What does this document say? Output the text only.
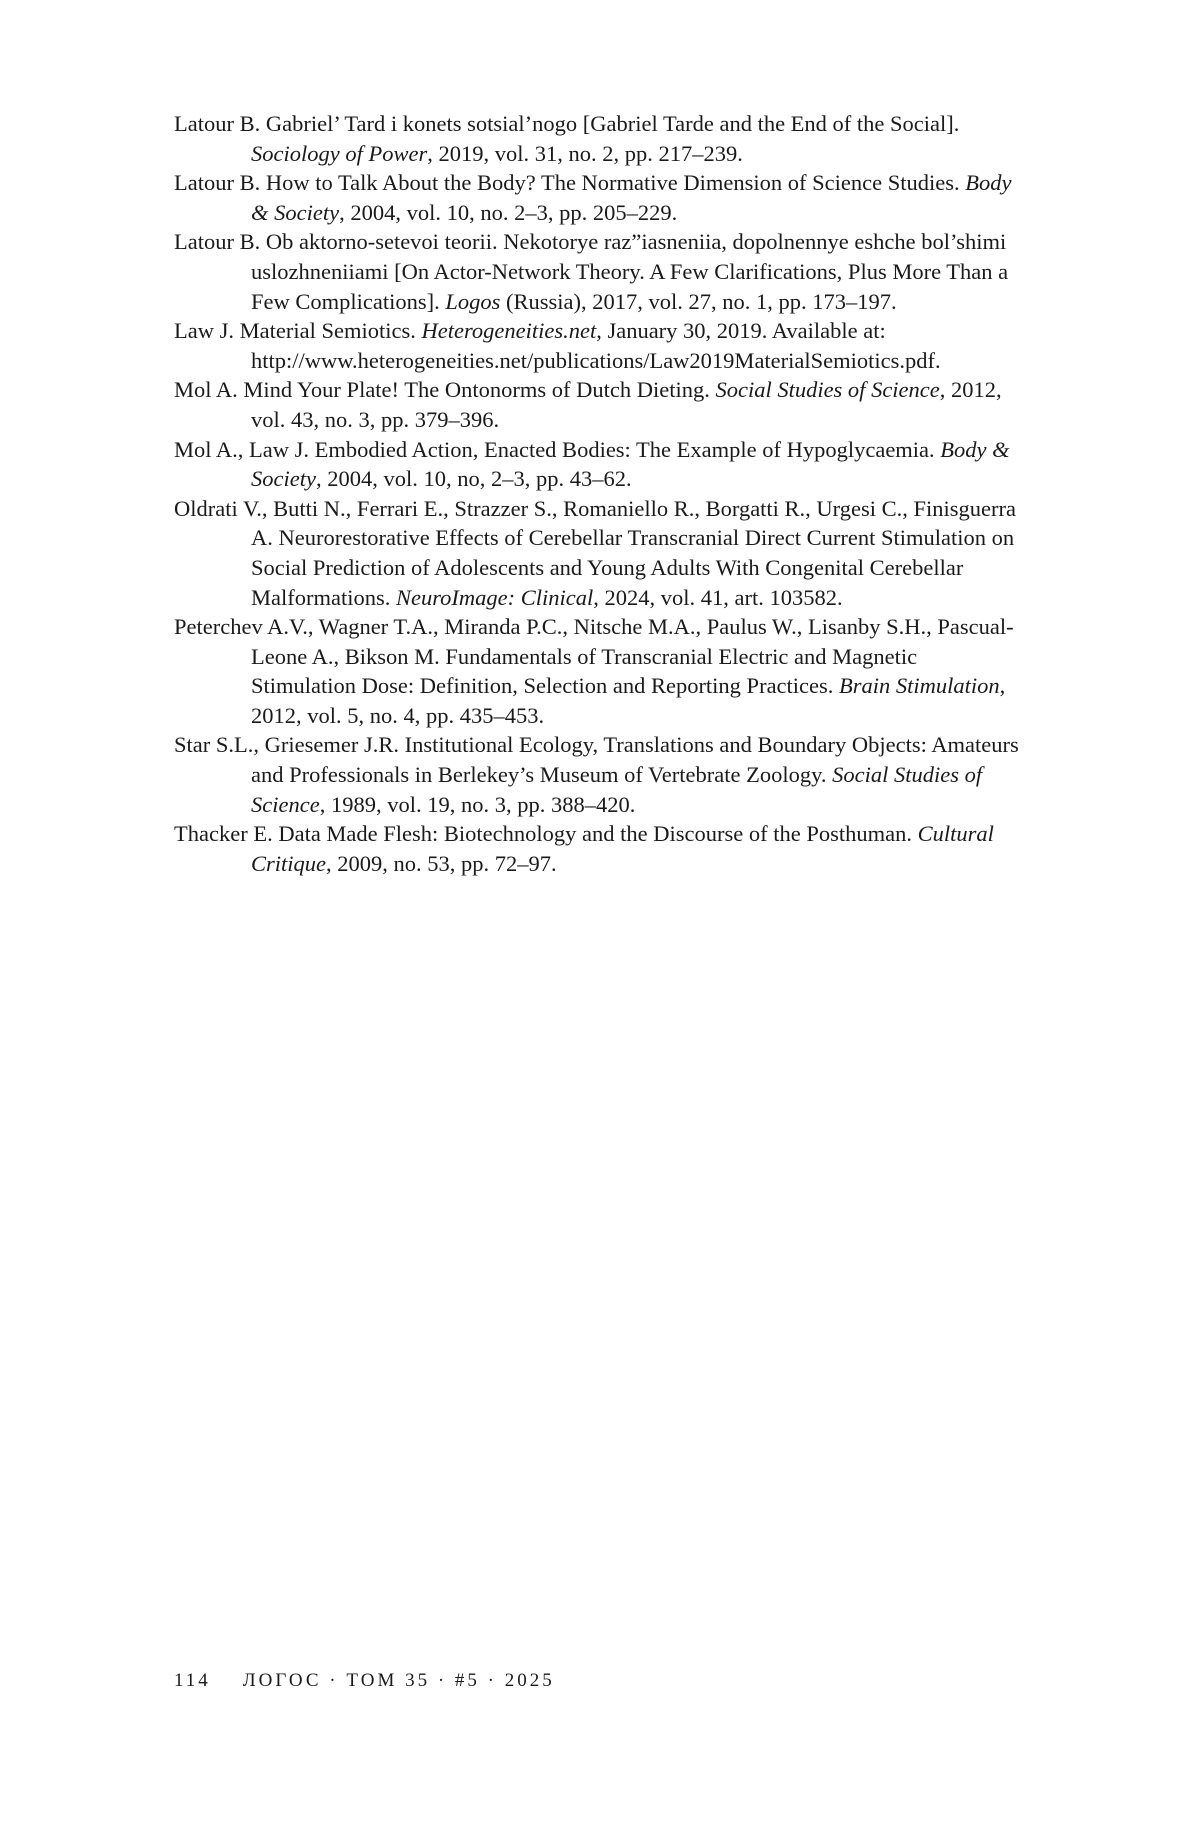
Latour B. Gabriel’ Tard i konets sotsial’nogo [Gabriel Tarde and the End of the Social]. Sociology of Power, 2019, vol. 31, no. 2, pp. 217–239.

Latour B. How to Talk About the Body? The Normative Dimension of Science Studies. Body & Society, 2004, vol. 10, no. 2–3, pp. 205–229.

Latour B. Ob aktorno-setevoi teorii. Nekotorye raz”iasneniia, dopolnennye eshche bol’shimi uslozhneniiami [On Actor-Network Theory. A Few Clarifications, Plus More Than a Few Complications]. Logos (Russia), 2017, vol. 27, no. 1, pp. 173–197.

Law J. Material Semiotics. Heterogeneities.net, January 30, 2019. Available at: http://www.heterogeneities.net/publications/Law2019MaterialSemiotics.pdf.

Mol A. Mind Your Plate! The Ontonorms of Dutch Dieting. Social Studies of Science, 2012, vol. 43, no. 3, pp. 379–396.

Mol A., Law J. Embodied Action, Enacted Bodies: The Example of Hypoglycaemia. Body & Society, 2004, vol. 10, no, 2–3, pp. 43–62.

Oldrati V., Butti N., Ferrari E., Strazzer S., Romaniello R., Borgatti R., Urgesi C., Finisguerra A. Neurorestorative Effects of Cerebellar Transcranial Direct Current Stimulation on Social Prediction of Adolescents and Young Adults With Congenital Cerebellar Malformations. NeuroImage: Clinical, 2024, vol. 41, art. 103582.

Peterchev A.V., Wagner T.A., Miranda P.C., Nitsche M.A., Paulus W., Lisanby S.H., Pascual-Leone A., Bikson M. Fundamentals of Transcranial Electric and Magnetic Stimulation Dose: Definition, Selection and Reporting Practices. Brain Stimulation, 2012, vol. 5, no. 4, pp. 435–453.

Star S.L., Griesemer J.R. Institutional Ecology, Translations and Boundary Objects: Amateurs and Professionals in Berlekey’s Museum of Vertebrate Zoology. Social Studies of Science, 1989, vol. 19, no. 3, pp. 388–420.

Thacker E. Data Made Flesh: Biotechnology and the Discourse of the Posthuman. Cultural Critique, 2009, no. 53, pp. 72–97.

114 ЛОГОС · ТОМ 35 · #5 · 2025
